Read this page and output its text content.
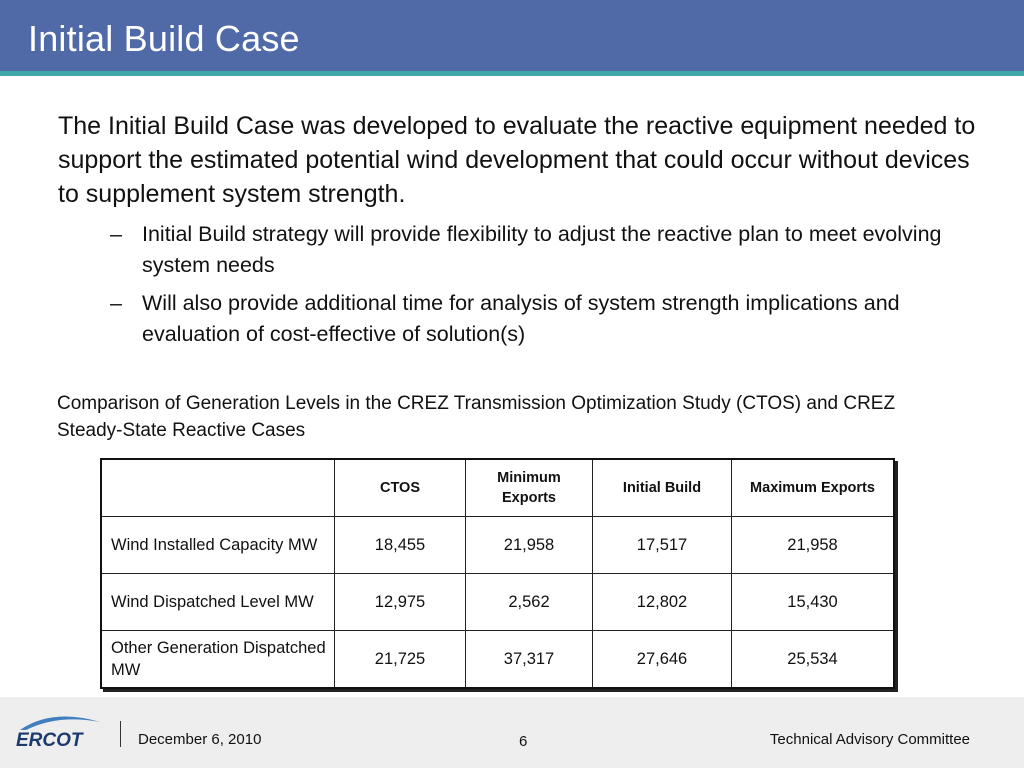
Initial Build Case
The Initial Build Case was developed to evaluate the reactive equipment needed to support the estimated potential wind development that could occur without devices to supplement system strength.
– Initial Build strategy will provide flexibility to adjust the reactive plan to meet evolving system needs
– Will also provide additional time for analysis of system strength implications and evaluation of cost-effective of solution(s)
Comparison of Generation Levels in the CREZ Transmission Optimization Study (CTOS) and CREZ Steady-State Reactive Cases
	CTOS	Minimum Exports	Initial Build	Maximum Exports
Wind Installed Capacity MW	18,455	21,958	17,517	21,958
Wind Dispatched Level MW	12,975	2,562	12,802	15,430
Other Generation Dispatched MW	21,725	37,317	27,646	25,534
ERCOT	December 6, 2010	6	Technical Advisory Committee
